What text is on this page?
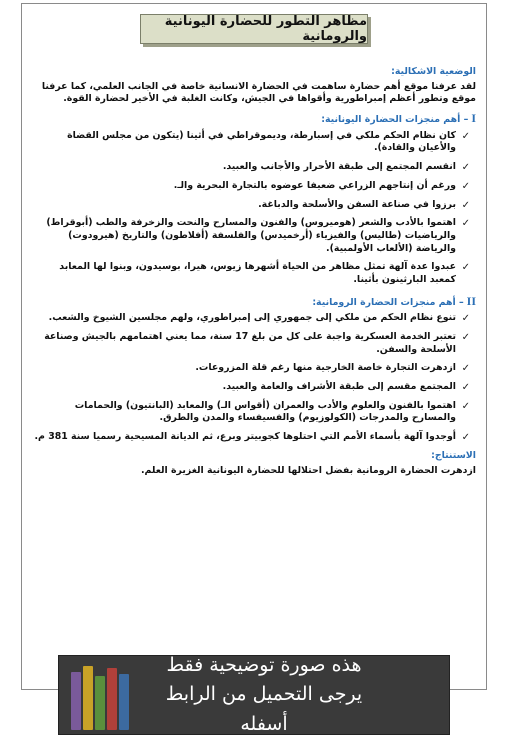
مظاهر التطور للحضارة اليونانية والرومانية
الوضعية الاشكالية:
لقد عرفنا موقع أهم حضارة ساهمت في الحضارة الانسانية خاصة في الجانب العلمي، كما عرفنا موقع وتطور أعظم إمبراطورية وأقواها في الجيش، وكانت الغلبة في الأخير لحضارة القوة.
I– أهم منجزات الحضارة اليونانية:
✓
كان نظام الحكم ملكي في إسبارطة، وديموقراطي في أثينا (يتكون من مجلس القضاة والأعيان والقادة).
✓
انقسم المجتمع إلى طبقة الأحرار والأجانب والعبيد.
✓
ورغم أن إنتاجهم الزراعي ضعيفا عوضوه بالتجارة البحرية والـ.
✓
برزوا في صناعة السفن والأسلحة والدباغة.
✓
اهتموا بالأدب والشعر (هوميروس) والفنون والمسارح والنحت والزخرفة والطب (أبوقراط) والرياضيات (طاليس) والفيزياء (أرخميدس) والفلسفة (أفلاطون) والتاريخ (هيرودوت) والرياضة (الألعاب الأولمبية).
✓
عبدوا عدة آلهة تمثل مظاهر من الحياة أشهرها زيوس، هيرا، بوسيدون، وبنوا لها المعابد كمعبد البارثينون بأثينا.
II– أهم منجزات الحضارة الرومانية:
✓
تنوع نظام الحكم من ملكي إلى جمهوري إلى إمبراطوري، ولهم مجلسين الشيوخ والشعب.
✓
تعتبر الخدمة العسكرية واجبة على كل من بلغ 17 سنة، مما يعني اهتمامهم بالجيش وصناعة الأسلحة والسفن.
✓
ازدهرت التجارة خاصة الخارجية منها رغم قلة المزروعات.
✓
المجتمع مقسم إلى طبقة الأشراف والعامة والعبيد.
✓
اهتموا بالفنون والعلوم والأدب والعمران (أقواس الـ) والمعابد (البانتيون) والحمامات والمسارح والمدرجات (الكولوزيوم) والفسيفساء والمدن والطرق.
✓
أوجدوا آلهة بأسماء الأمم التي احتلوها كجوبيتر وبرع، ثم الديانة المسيحية رسميا سنة 381 م.
الاستنتاج:
ازدهرت الحضارة الرومانية بفضل احتلالها للحضارة اليونانية الغزيرة العلم.
هذه صورة توضيحية فقط
يرجى التحميل من الرابط أسفله
